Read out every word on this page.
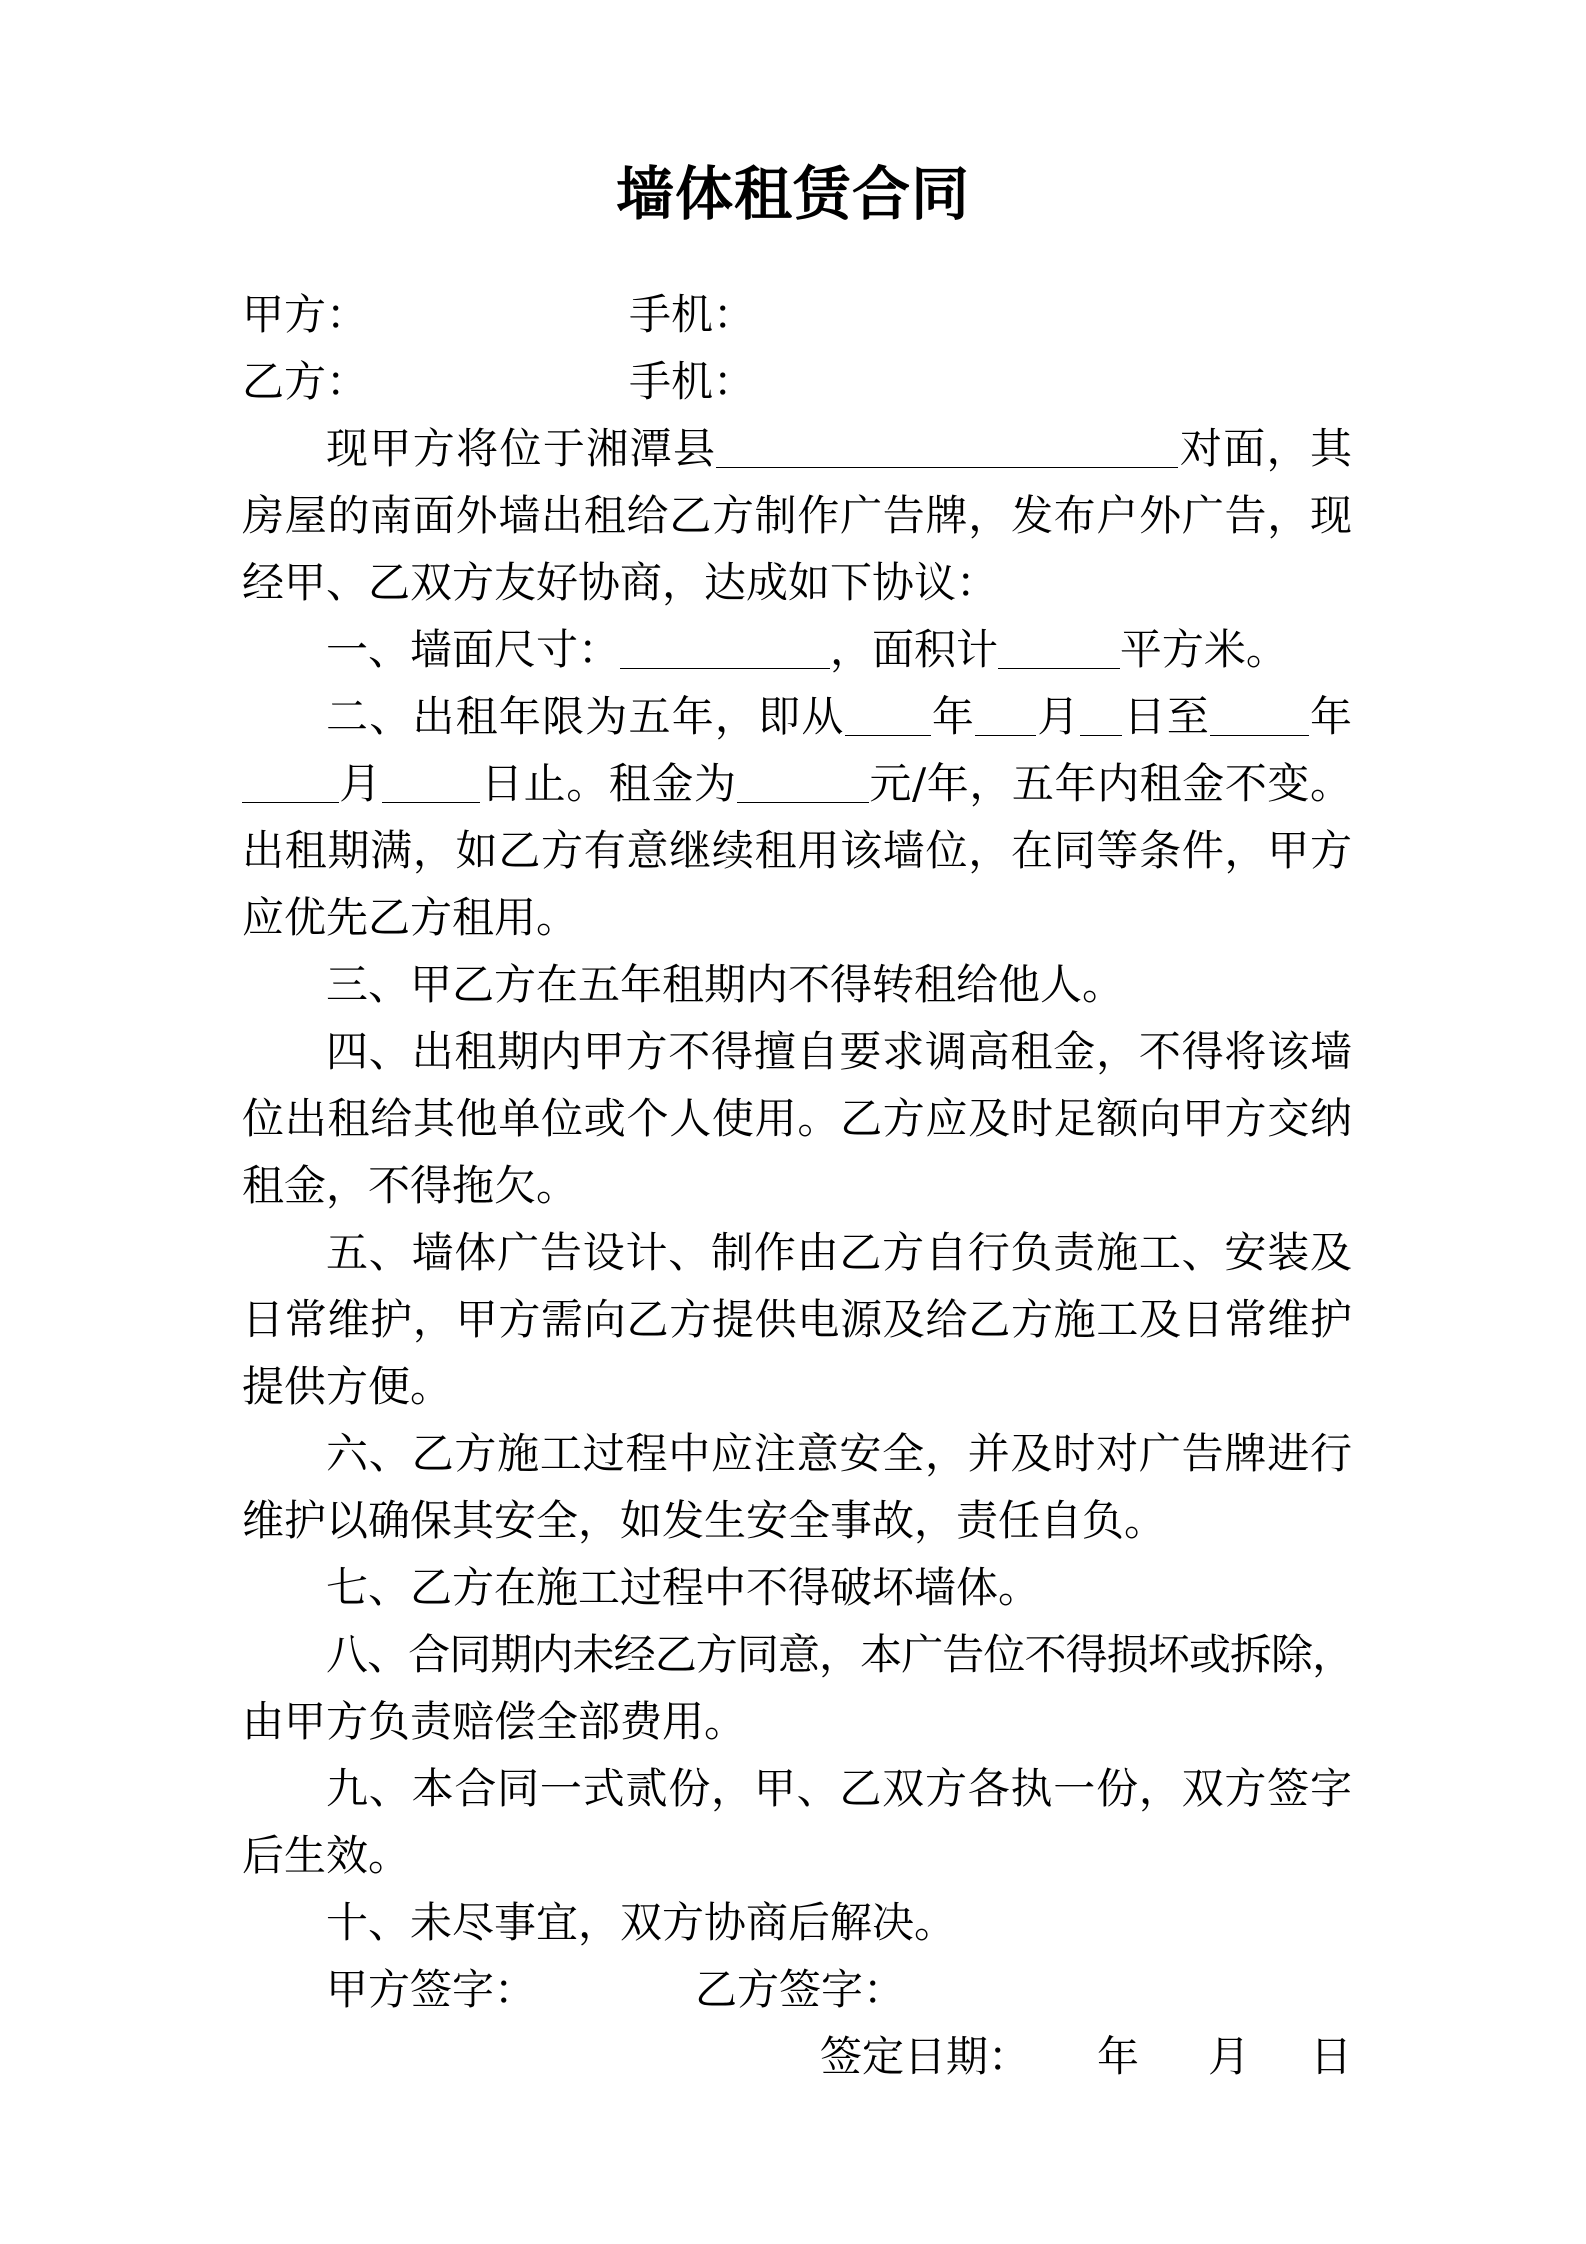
墙体租赁合同
甲方：	手机：
乙方：	手机：
现甲方将位于湘潭县	对面，其
房屋的南面外墙出租给乙方制作广告牌，发布户外广告，现
经甲、乙双方友好协商，达成如下协议：
一、墙面尺寸：	，面积计	平方米。
二、出租年限为五年，即从 年 月 日至 年
月 日止。租金为	元/年，五年内租金不变。
出租期满，如乙方有意继续租用该墙位，在同等条件，甲方
应优先乙方租用。
三、甲乙方在五年租期内不得转租给他人。
四、出租期内甲方不得擅自要求调高租金，不得将该墙
位出租给其他单位或个人使用。乙方应及时足额向甲方交纳
租金，不得拖欠。
五、墙体广告设计、制作由乙方自行负责施工、安装及
日常维护，甲方需向乙方提供电源及给乙方施工及日常维护
提供方便。
六、乙方施工过程中应注意安全，并及时对广告牌进行
维护以确保其安全，如发生安全事故，责任自负。
七、乙方在施工过程中不得破坏墙体。
八、合同期内未经乙方同意，本广告位不得损坏或拆除，
由甲方负责赔偿全部费用。
九、本合同一式贰份，甲、乙双方各执一份，双方签字
后生效。
十、未尽事宜，双方协商后解决。
甲方签字：	乙方签字：
签定日期： 年 月 日
